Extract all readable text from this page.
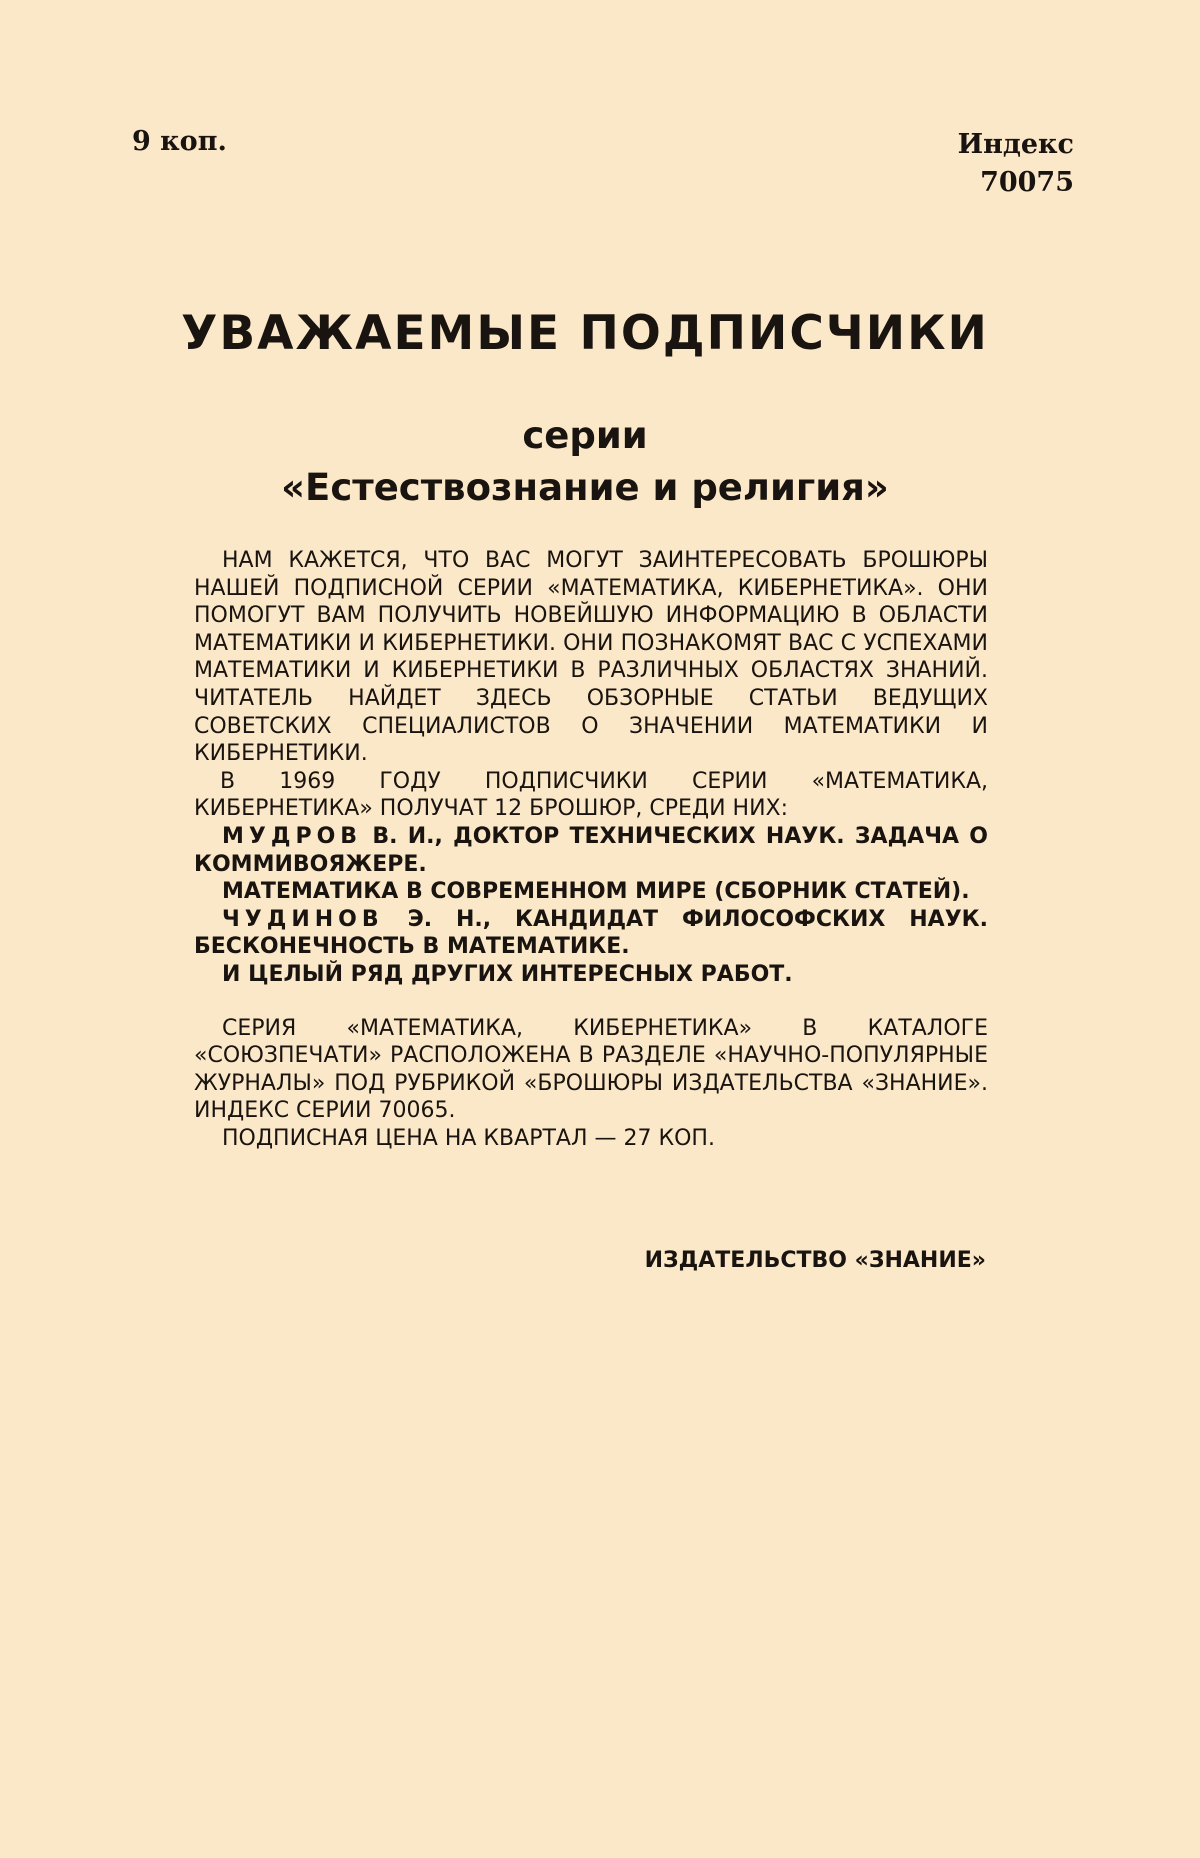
9 коп.	Индекс
70075
УВАЖАЕМЫЕ ПОДПИСЧИКИ
серии
«Естествознание и религия»

НАМ КАЖЕТСЯ, ЧТО ВАС МОГУТ ЗАИНТЕРЕСОВАТЬ БРОШЮРЫ НАШЕЙ ПОДПИСНОЙ СЕРИИ «МАТЕМАТИКА, КИБЕРНЕТИКА». ОНИ ПОМОГУТ ВАМ ПОЛУЧИТЬ НОВЕЙШУЮ ИНФОРМАЦИЮ В ОБЛАСТИ МАТЕМАТИКИ И КИБЕРНЕТИКИ. ОНИ ПОЗНАКОМЯТ ВАС С УСПЕХАМИ МАТЕМАТИКИ И КИБЕРНЕТИКИ В РАЗЛИЧНЫХ ОБЛАСТЯХ ЗНАНИЙ. ЧИТАТЕЛЬ НАЙДЕТ ЗДЕСЬ ОБЗОРНЫЕ СТАТЬИ ВЕДУЩИХ СОВЕТСКИХ СПЕЦИАЛИСТОВ О ЗНАЧЕНИИ МАТЕМАТИКИ И КИБЕРНЕТИКИ.

В 1969 ГОДУ ПОДПИСЧИКИ СЕРИИ «МАТЕМАТИКА, КИБЕРНЕТИКА» ПОЛУЧАТ 12 БРОШЮР, СРЕДИ НИХ:

МУДРОВ В. И., ДОКТОР ТЕХНИЧЕСКИХ НАУК. ЗАДАЧА О КОММИВОЯЖЕРЕ.

МАТЕМАТИКА В СОВРЕМЕННОМ МИРЕ (СБОРНИК СТАТЕЙ).

ЧУДИНОВ Э. Н., КАНДИДАТ ФИЛОСОФСКИХ НАУК. БЕСКОНЕЧНОСТЬ В МАТЕМАТИКЕ.

И ЦЕЛЫЙ РЯД ДРУГИХ ИНТЕРЕСНЫХ РАБОТ.

СЕРИЯ «МАТЕМАТИКА, КИБЕРНЕТИКА» В КАТАЛОГЕ «СОЮЗПЕЧАТИ» РАСПОЛОЖЕНА В РАЗДЕЛЕ «НАУЧНО-ПОПУЛЯРНЫЕ ЖУРНАЛЫ» ПОД РУБРИКОЙ «БРОШЮРЫ ИЗДАТЕЛЬСТВА «ЗНАНИЕ». ИНДЕКС СЕРИИ 70065.

ПОДПИСНАЯ ЦЕНА НА КВАРТАЛ — 27 КОП.

ИЗДАТЕЛЬСТВО «ЗНАНИЕ»
